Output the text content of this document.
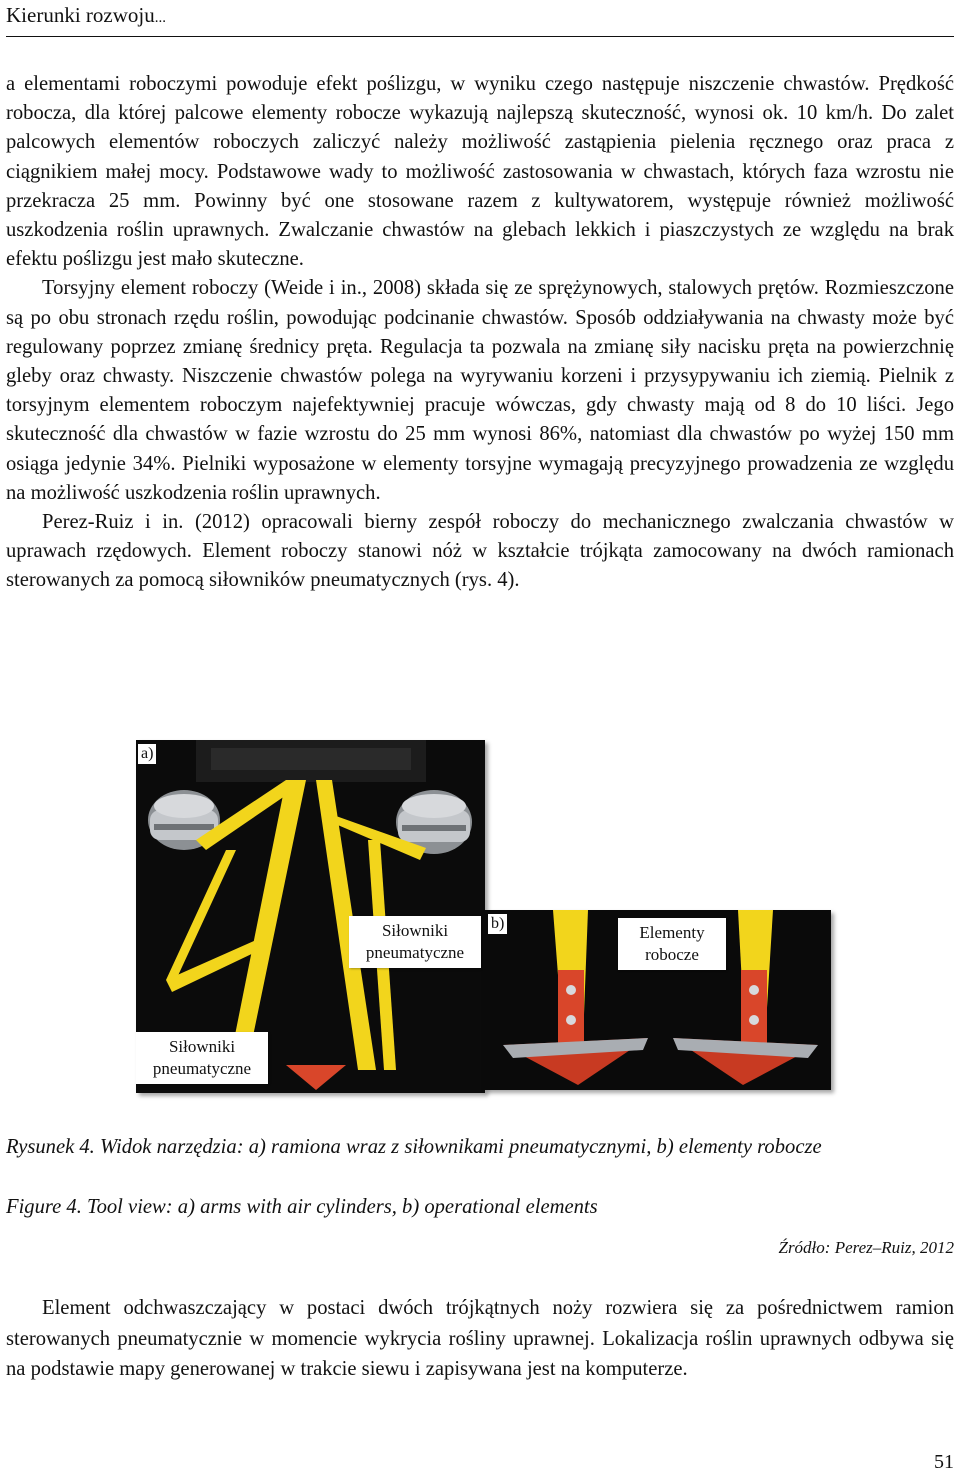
Kierunki rozwoju...

a elementami roboczymi powoduje efekt poślizgu, w wyniku czego następuje niszczenie chwastów. Prędkość robocza, dla której palcowe elementy robocze wykazują najlepszą skuteczność, wynosi ok. 10 km/h. Do zalet palcowych elementów roboczych zaliczyć należy możliwość zastąpienia pielenia ręcznego oraz praca z ciągnikiem małej mocy. Podstawowe wady to możliwość zastosowania w chwastach, których faza wzrostu nie przekracza 25 mm. Powinny być one stosowane razem z kultywatorem, występuje również możliwość uszkodzenia roślin uprawnych. Zwalczanie chwastów na glebach lekkich i piaszczystych ze względu na brak efektu poślizgu jest mało skuteczne.

Torsyjny element roboczy (Weide i in., 2008) składa się ze sprężynowych, stalowych prętów. Rozmieszczone są po obu stronach rzędu roślin, powodując podcinanie chwastów. Sposób oddziaływania na chwasty może być regulowany poprzez zmianę średnicy pręta. Regulacja ta pozwala na zmianę siły nacisku pręta na powierzchnię gleby oraz chwasty. Niszczenie chwastów polega na wyrywaniu korzeni i przysypywaniu ich ziemią. Pielnik z torsyjnym elementem roboczym najefektywniej pracuje wówczas, gdy chwasty mają od 8 do 10 liści. Jego skuteczność dla chwastów w fazie wzrostu do 25 mm wynosi 86%, natomiast dla chwastów po wyżej 150 mm osiąga jedynie 34%. Pielniki wyposażone w elementy torsyjne wymagają precyzyjnego prowadzenia ze względu na możliwość uszkodzenia roślin uprawnych.

Perez-Ruiz i in. (2012) opracowali bierny zespół roboczy do mechanicznego zwalczania chwastów w uprawach rzędowych. Element roboczy stanowi nóż w kształcie trójkąta zamocowany na dwóch ramionach sterowanych za pomocą siłowników pneumatycznych (rys. 4).

a)
Siłowniki
pneumatyczne
Siłowniki
pneumatyczne
b)	Elementy
robocze
Rysunek 4. Widok narzędzia: a) ramiona wraz z siłownikami pneumatycznymi, b) elementy robocze
Figure 4. Tool view: a) arms with air cylinders, b) operational elements
Źródło: Perez–Ruiz, 2012

Element odchwaszczający w postaci dwóch trójkątnych noży rozwiera się za pośrednictwem ramion sterowanych pneumatycznie w momencie wykrycia rośliny uprawnej. Lokalizacja roślin uprawnych odbywa się na podstawie mapy generowanej w trakcie siewu i zapisywana jest na komputerze.

51
